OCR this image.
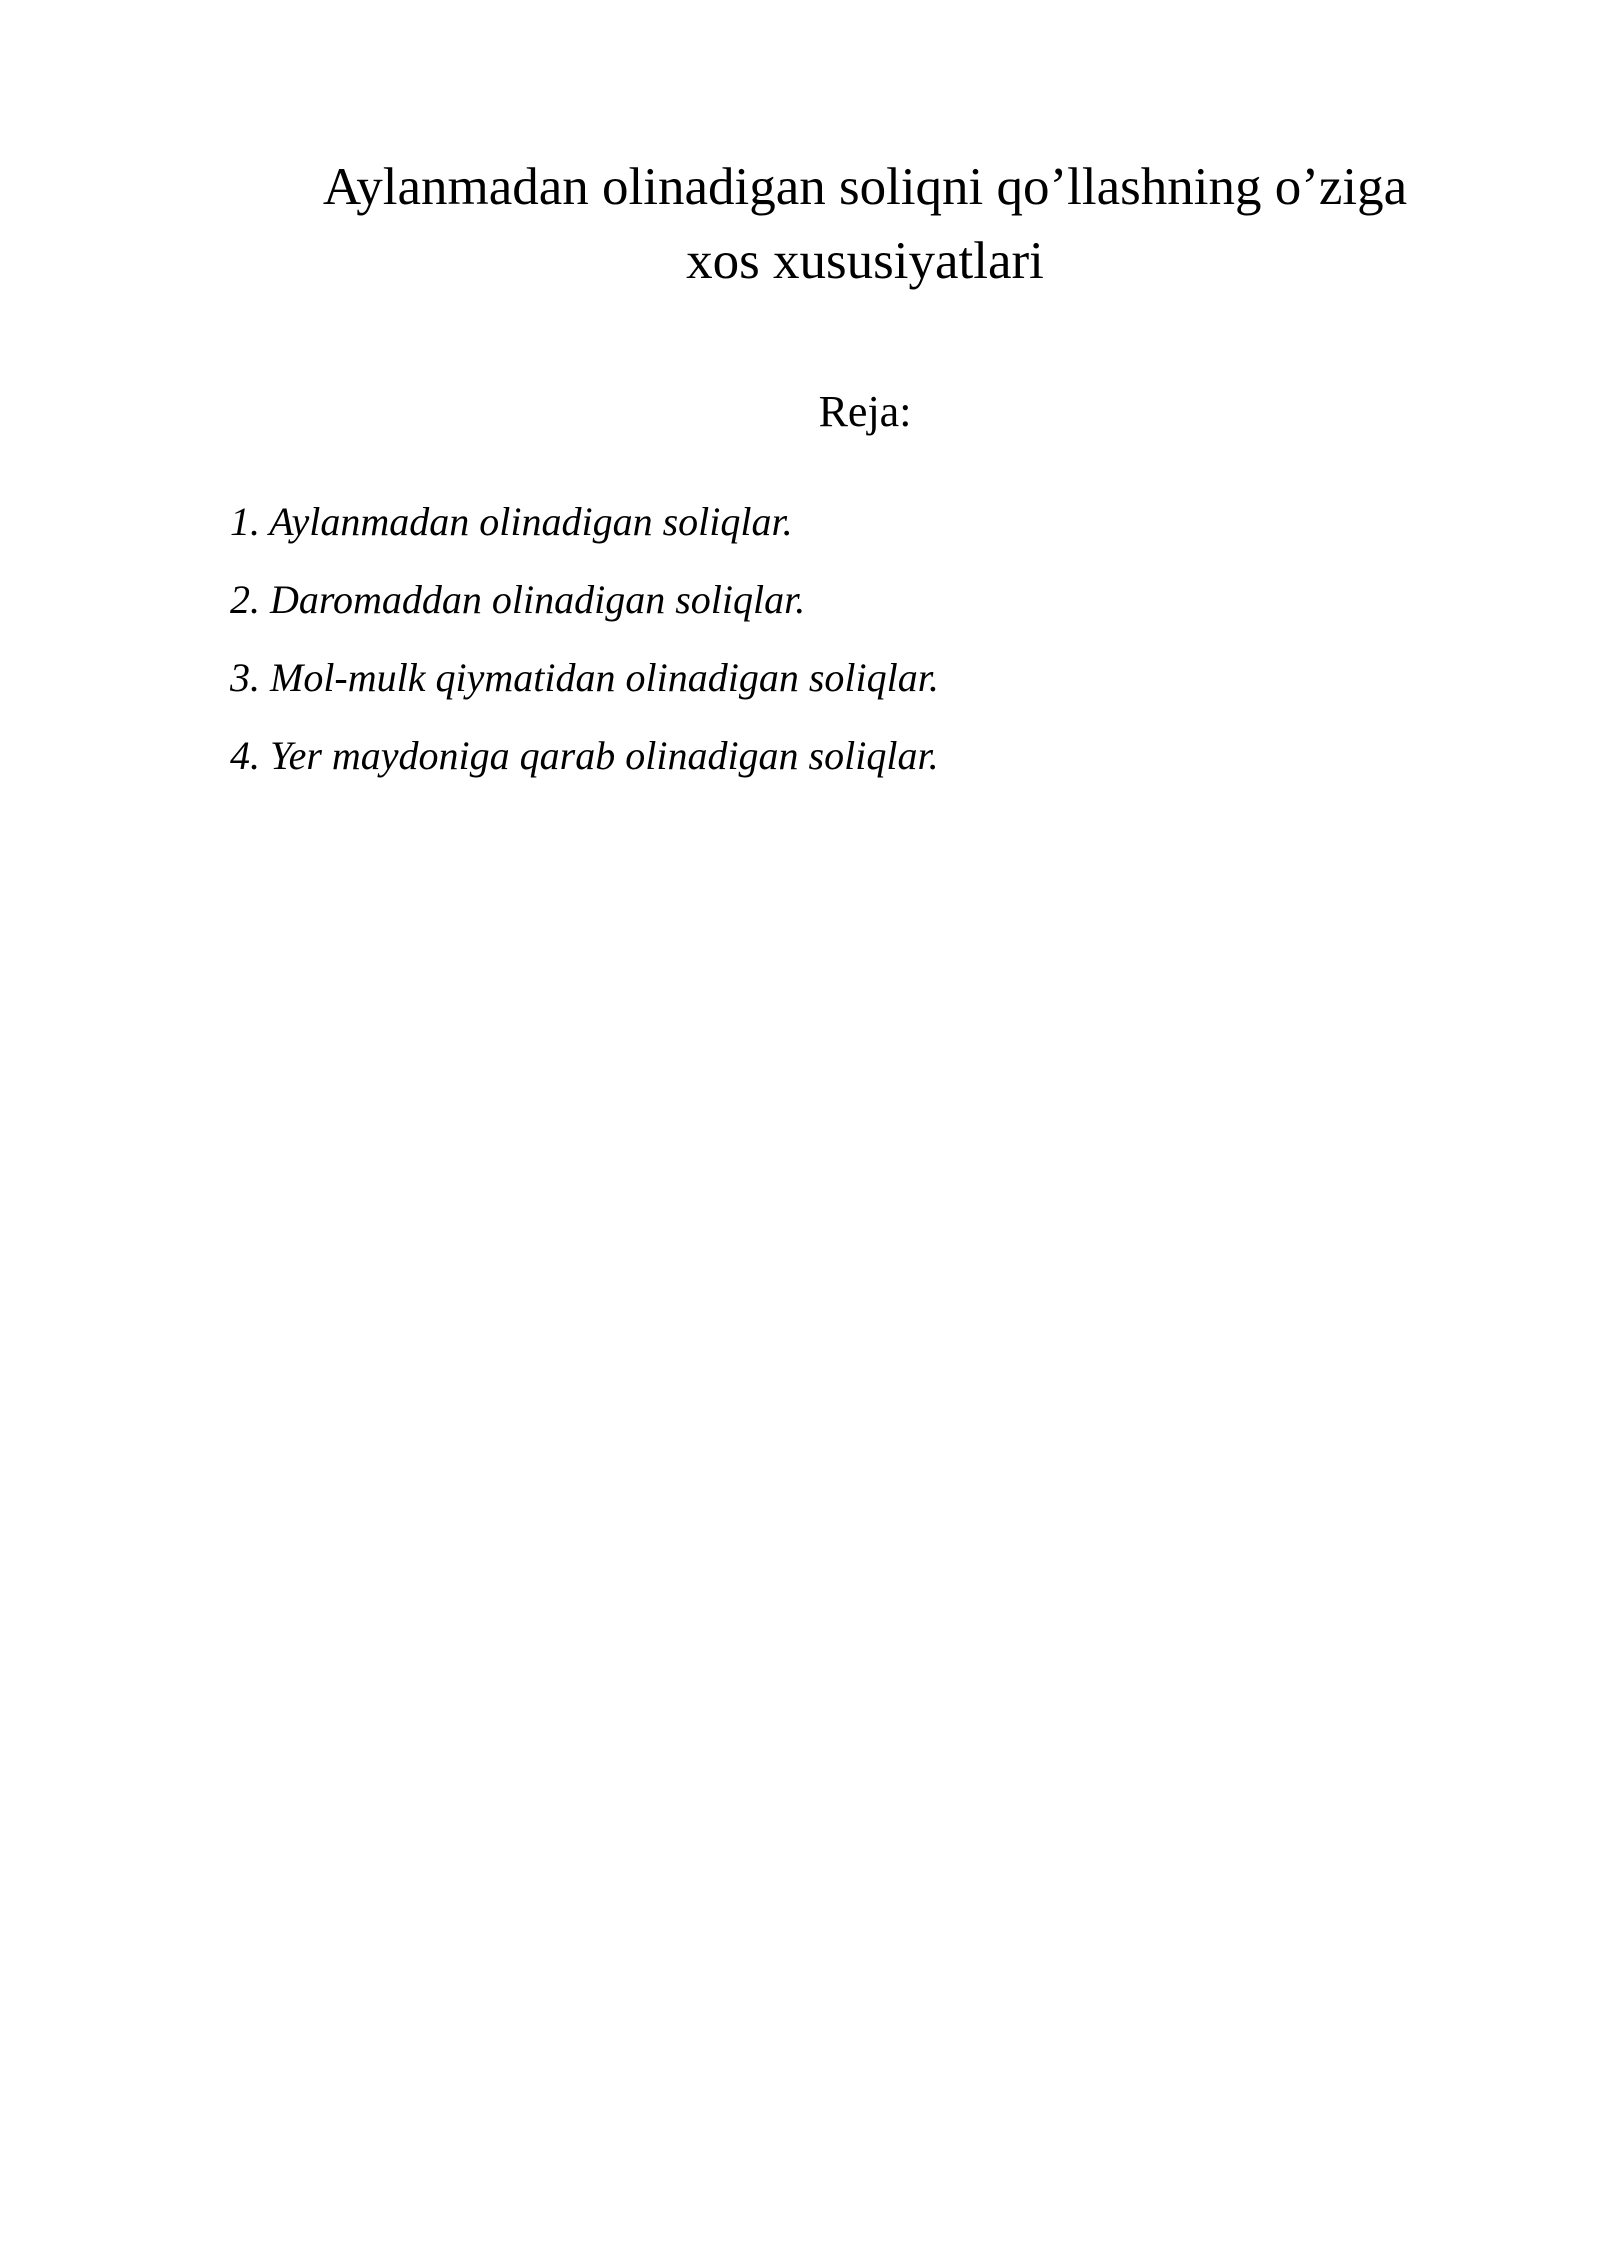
Aylanmadan olinadigan soliqni qo’llashning o’ziga
xos xususiyatlari
Reja:
1. Aylanmadan olinadigan soliqlar.
2. Daromaddan olinadigan soliqlar.
3. Mol-mulk qiymatidan olinadigan soliqlar.
4. Yer maydoniga qarab olinadigan soliqlar.
